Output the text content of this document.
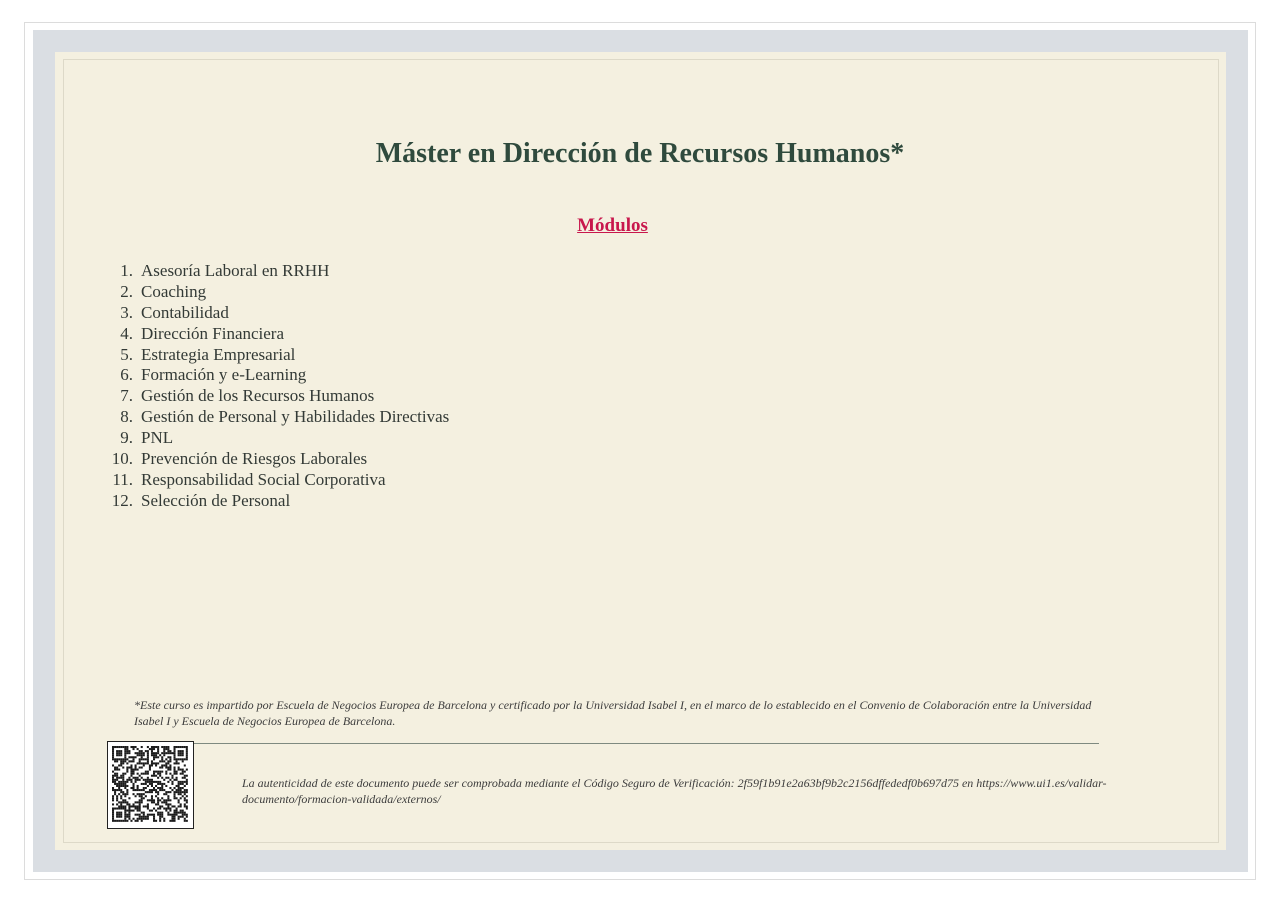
Máster en Dirección de Recursos Humanos*
Módulos
1. Asesoría Laboral en RRHH
2. Coaching
3. Contabilidad
4. Dirección Financiera
5. Estrategia Empresarial
6. Formación y e-Learning
7. Gestión de los Recursos Humanos
8. Gestión de Personal y Habilidades Directivas
9. PNL
10. Prevención de Riesgos Laborales
11. Responsabilidad Social Corporativa
12. Selección de Personal
*Este curso es impartido por Escuela de Negocios Europea de Barcelona y certificado por la Universidad Isabel I, en el marco de lo establecido en el Convenio de Colaboración entre la Universidad Isabel I y Escuela de Negocios Europea de Barcelona.
La autenticidad de este documento puede ser comprobada mediante el Código Seguro de Verificación: 2f59f1b91e2a63bf9b2c2156dffededf0b697d75 en https://www.ui1.es/validar-documento/formacion-validada/externos/
